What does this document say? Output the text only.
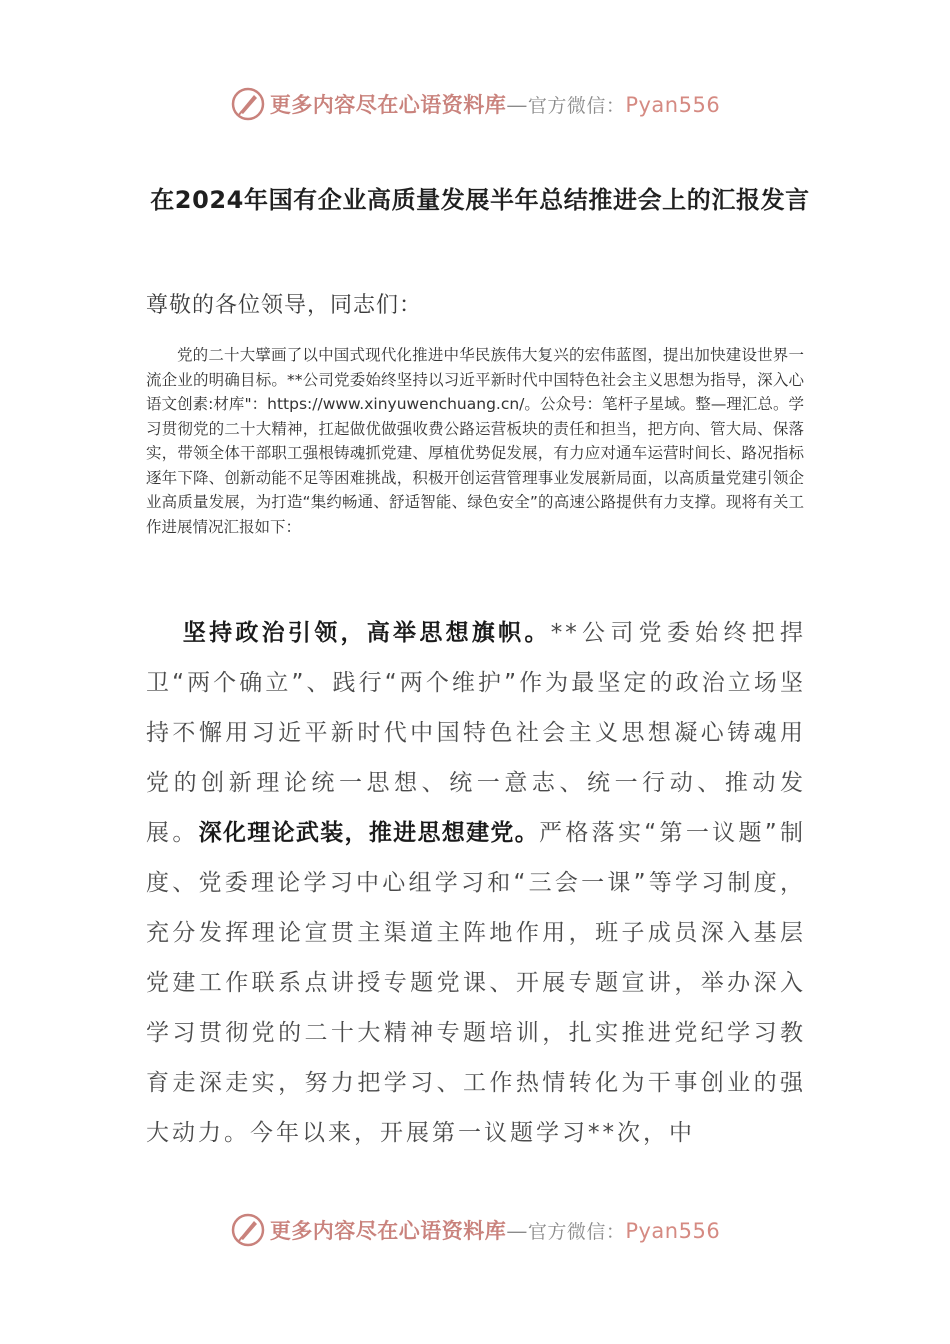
更多内容尽在心语资料库—官方微信：Pyan556
在2024年国有企业高质量发展半年总结推进会上的汇报发言
尊敬的各位领导，同志们：

党的二十大擘画了以中国式现代化推进中华民族伟大复兴的宏伟蓝图，提出加快建设世界一流企业的明确目标。**公司党委始终坚持以习近平新时代中国特色社会主义思想为指导，深入心语文创素:材库"：https://www.xinyuwenchuang.cn/。公众号：笔杆子星域。整—理汇总。学习贯彻党的二十大精神，扛起做优做强收费公路运营板块的责任和担当，把方向、管大局、保落实，带领全体干部职工强根铸魂抓党建、厚植优势促发展，有力应对通车运营时间长、路况指标逐年下降、创新动能不足等困难挑战，积极开创运营管理事业发展新局面，以高质量党建引领企业高质量发展，为打造“集约畅通、舒适智能、绿色安全”的高速公路提供有力支撑。现将有关工作进展情况汇报如下：

坚持政治引领，高举思想旗帜。**公司党委始终把捍卫“两个确立”、践行“两个维护”作为最坚定的政治立场坚持不懈用习近平新时代中国特色社会主义思想凝心铸魂用党的创新理论统一思想、统一意志、统一行动、推动发展。深化理论武装，推进思想建党。严格落实“第一议题”制度、党委理论学习中心组学习和“三会一课”等学习制度，充分发挥理论宣贯主渠道主阵地作用，班子成员深入基层党建工作联系点讲授专题党课、开展专题宣讲，举办深入学习贯彻党的二十大精神专题培训，扎实推进党纪学习教育走深走实，努力把学习、工作热情转化为干事创业的强大动力。今年以来，开展第一议题学习**次，中

更多内容尽在心语资料库—官方微信：Pyan556
